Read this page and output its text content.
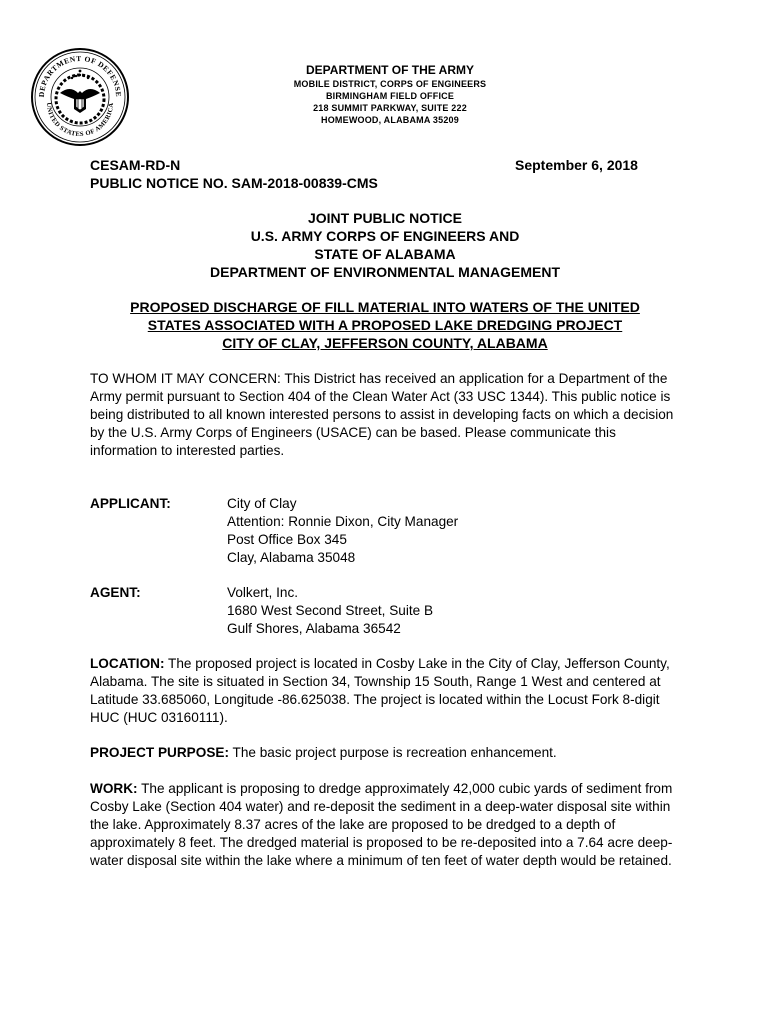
DEPARTMENT OF DEFENSE
UNITED STATES OF AMERICA
DEPARTMENT OF THE ARMY
MOBILE DISTRICT, CORPS OF ENGINEERS
BIRMINGHAM FIELD OFFICE
218 SUMMIT PARKWAY, SUITE 222
HOMEWOOD, ALABAMA 35209
CESAM-RD-N
PUBLIC NOTICE NO. SAM-2018-00839-CMS
September 6, 2018
JOINT PUBLIC NOTICE
U.S. ARMY CORPS OF ENGINEERS AND
STATE OF ALABAMA
DEPARTMENT OF ENVIRONMENTAL MANAGEMENT
PROPOSED DISCHARGE OF FILL MATERIAL INTO WATERS OF THE UNITED
STATES ASSOCIATED WITH A PROPOSED LAKE DREDGING PROJECT
CITY OF CLAY, JEFFERSON COUNTY, ALABAMA
TO WHOM IT MAY CONCERN: This District has received an application for a Department of the Army permit pursuant to Section 404 of the Clean Water Act (33 USC 1344). This public notice is being distributed to all known interested persons to assist in developing facts on which a decision by the U.S. Army Corps of Engineers (USACE) can be based. Please communicate this information to interested parties.
APPLICANT:	City of Clay
Attention: Ronnie Dixon, City Manager
Post Office Box 345
Clay, Alabama 35048
AGENT:	Volkert, Inc.
1680 West Second Street, Suite B
Gulf Shores, Alabama 36542
LOCATION: The proposed project is located in Cosby Lake in the City of Clay, Jefferson County, Alabama. The site is situated in Section 34, Township 15 South, Range 1 West and centered at Latitude 33.685060, Longitude -86.625038. The project is located within the Locust Fork 8-digit HUC (HUC 03160111).
PROJECT PURPOSE: The basic project purpose is recreation enhancement.
WORK: The applicant is proposing to dredge approximately 42,000 cubic yards of sediment from Cosby Lake (Section 404 water) and re-deposit the sediment in a deep-water disposal site within the lake. Approximately 8.37 acres of the lake are proposed to be dredged to a depth of approximately 8 feet. The dredged material is proposed to be re-deposited into a 7.64 acre deep-water disposal site within the lake where a minimum of ten feet of water depth would be retained.
